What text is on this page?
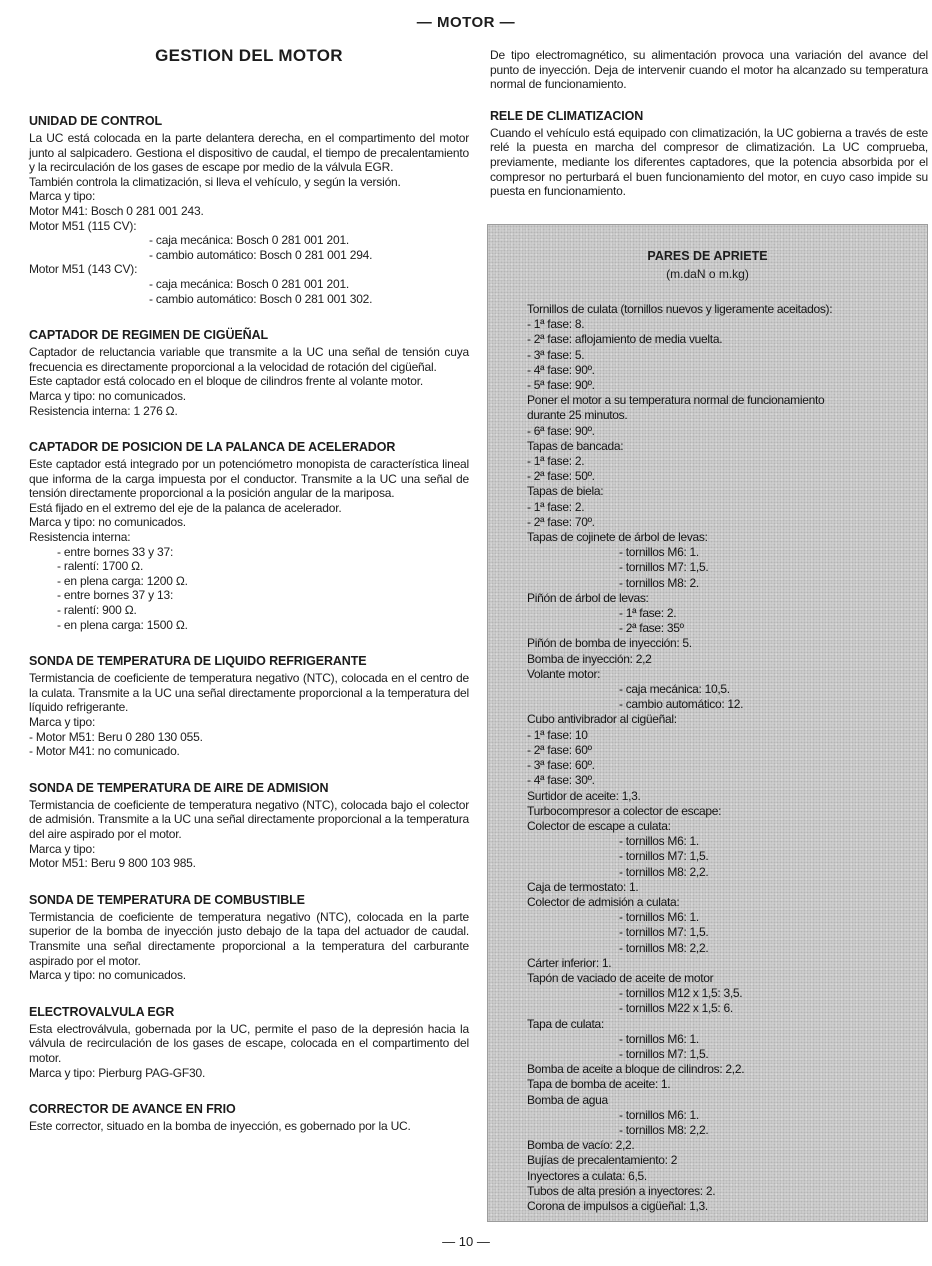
— MOTOR —
GESTION DEL MOTOR
UNIDAD DE CONTROL

La UC está colocada en la parte delantera derecha, en el compartimento del motor junto al salpicadero. Gestiona el dispositivo de caudal, el tiempo de precalentamiento y la recirculación de los gases de escape por medio de la válvula EGR.

También controla la climatización, si lleva el vehículo, y según la versión.
Marca y tipo:
Motor M41: Bosch 0 281 001 243.
Motor M51 (115 CV):
- caja mecánica: Bosch 0 281 001 201.
- cambio automático: Bosch 0 281 001 294.
Motor M51 (143 CV):
- caja mecánica: Bosch 0 281 001 201.
- cambio automático: Bosch 0 281 001 302.
CAPTADOR DE REGIMEN DE CIGÜEÑAL

Captador de reluctancia variable que transmite a la UC una señal de tensión cuya frecuencia es directamente proporcional a la velocidad de rotación del cigüeñal.

Este captador está colocado en el bloque de cilindros frente al volante motor.
Marca y tipo: no comunicados.
Resistencia interna: 1 276 Ω.
CAPTADOR DE POSICION DE LA PALANCA DE ACELERADOR

Este captador está integrado por un potenciómetro monopista de característica lineal que informa de la carga impuesta por el conductor. Transmite a la UC una señal de tensión directamente proporcional a la posición angular de la mariposa.

Está fijado en el extremo del eje de la palanca de acelerador.
Marca y tipo: no comunicados.
Resistencia interna:
- entre bornes 33 y 37:
- ralentí: 1700 Ω.
- en plena carga: 1200 Ω.
- entre bornes 37 y 13:
- ralentí: 900 Ω.
- en plena carga: 1500 Ω.
SONDA DE TEMPERATURA DE LIQUIDO REFRIGERANTE

Termistancia de coeficiente de temperatura negativo (NTC), colocada en el centro de la culata. Transmite a la UC una señal directamente proporcional a la temperatura del líquido refrigerante.

Marca y tipo:
- Motor M51: Beru 0 280 130 055.
- Motor M41: no comunicado.
SONDA DE TEMPERATURA DE AIRE DE ADMISION

Termistancia de coeficiente de temperatura negativo (NTC), colocada bajo el colector de admisión. Transmite a la UC una señal directamente proporcional a la temperatura del aire aspirado por el motor.

Marca y tipo:
Motor M51: Beru 9 800 103 985.
SONDA DE TEMPERATURA DE COMBUSTIBLE

Termistancia de coeficiente de temperatura negativo (NTC), colocada en la parte superior de la bomba de inyección justo debajo de la tapa del actuador de caudal. Transmite una señal directamente proporcional a la temperatura del carburante aspirado por el motor.

Marca y tipo: no comunicados.
ELECTROVALVULA EGR

Esta electroválvula, gobernada por la UC, permite el paso de la depresión hacia la válvula de recirculación de los gases de escape, colocada en el compartimento del motor.

Marca y tipo: Pierburg PAG-GF30.
CORRECTOR DE AVANCE EN FRIO

Este corrector, situado en la bomba de inyección, es gobernado por la UC.

De tipo electromagnético, su alimentación provoca una variación del avance del punto de inyección. Deja de intervenir cuando el motor ha alcanzado su temperatura normal de funcionamiento.

RELE DE CLIMATIZACION

Cuando el vehículo está equipado con climatización, la UC gobierna a través de este relé la puesta en marcha del compresor de climatización. La UC comprueba, previamente, mediante los diferentes captadores, que la potencia absorbida por el compresor no perturbará el buen funcionamiento del motor, en cuyo caso impide su puesta en funcionamiento.

PARES DE APRIETE
(m.daN o m.kg)
Tornillos de culata (tornillos nuevos y ligeramente aceitados):
- 1ª fase: 8.
- 2ª fase: aflojamiento de media vuelta.
- 3ª fase: 5.
- 4ª fase: 90º.
- 5ª fase: 90º.
Poner el motor a su temperatura normal de funcionamiento
durante 25 minutos.
- 6ª fase: 90º.
Tapas de bancada:
- 1ª fase: 2.
- 2ª fase: 50º.
Tapas de biela:
- 1ª fase: 2.
- 2ª fase: 70º.
Tapas de cojinete de árbol de levas:
- tornillos M6: 1.
- tornillos M7: 1,5.
- tornillos M8: 2.
Piñón de árbol de levas:
- 1ª fase: 2.
- 2ª fase: 35º
Piñón de bomba de inyección: 5.
Bomba de inyección: 2,2
Volante motor:
- caja mecánica: 10,5.
- cambio automático: 12.
Cubo antivibrador al cigüeñal:
- 1ª fase: 10
- 2ª fase: 60º
- 3ª fase: 60º.
- 4ª fase: 30º.
Surtidor de aceite: 1,3.
Turbocompresor a colector de escape:
Colector de escape a culata:
- tornillos M6: 1.
- tornillos M7: 1,5.
- tornillos M8: 2,2.
Caja de termostato: 1.
Colector de admisión a culata:
- tornillos M6: 1.
- tornillos M7: 1,5.
- tornillos M8: 2,2.
Cárter inferior: 1.
Tapón de vaciado de aceite de motor
- tornillos M12 x 1,5: 3,5.
- tornillos M22 x 1,5: 6.
Tapa de culata:
- tornillos M6: 1.
- tornillos M7: 1,5.
Bomba de aceite a bloque de cilindros: 2,2.
Tapa de bomba de aceite: 1.
Bomba de agua
- tornillos M6: 1.
- tornillos M8: 2,2.
Bomba de vacío: 2,2.
Bujías de precalentamiento: 2
Inyectores a culata: 6,5.
Tubos de alta presión a inyectores: 2.
Corona de impulsos a cigüeñal: 1,3.
— 10 —
